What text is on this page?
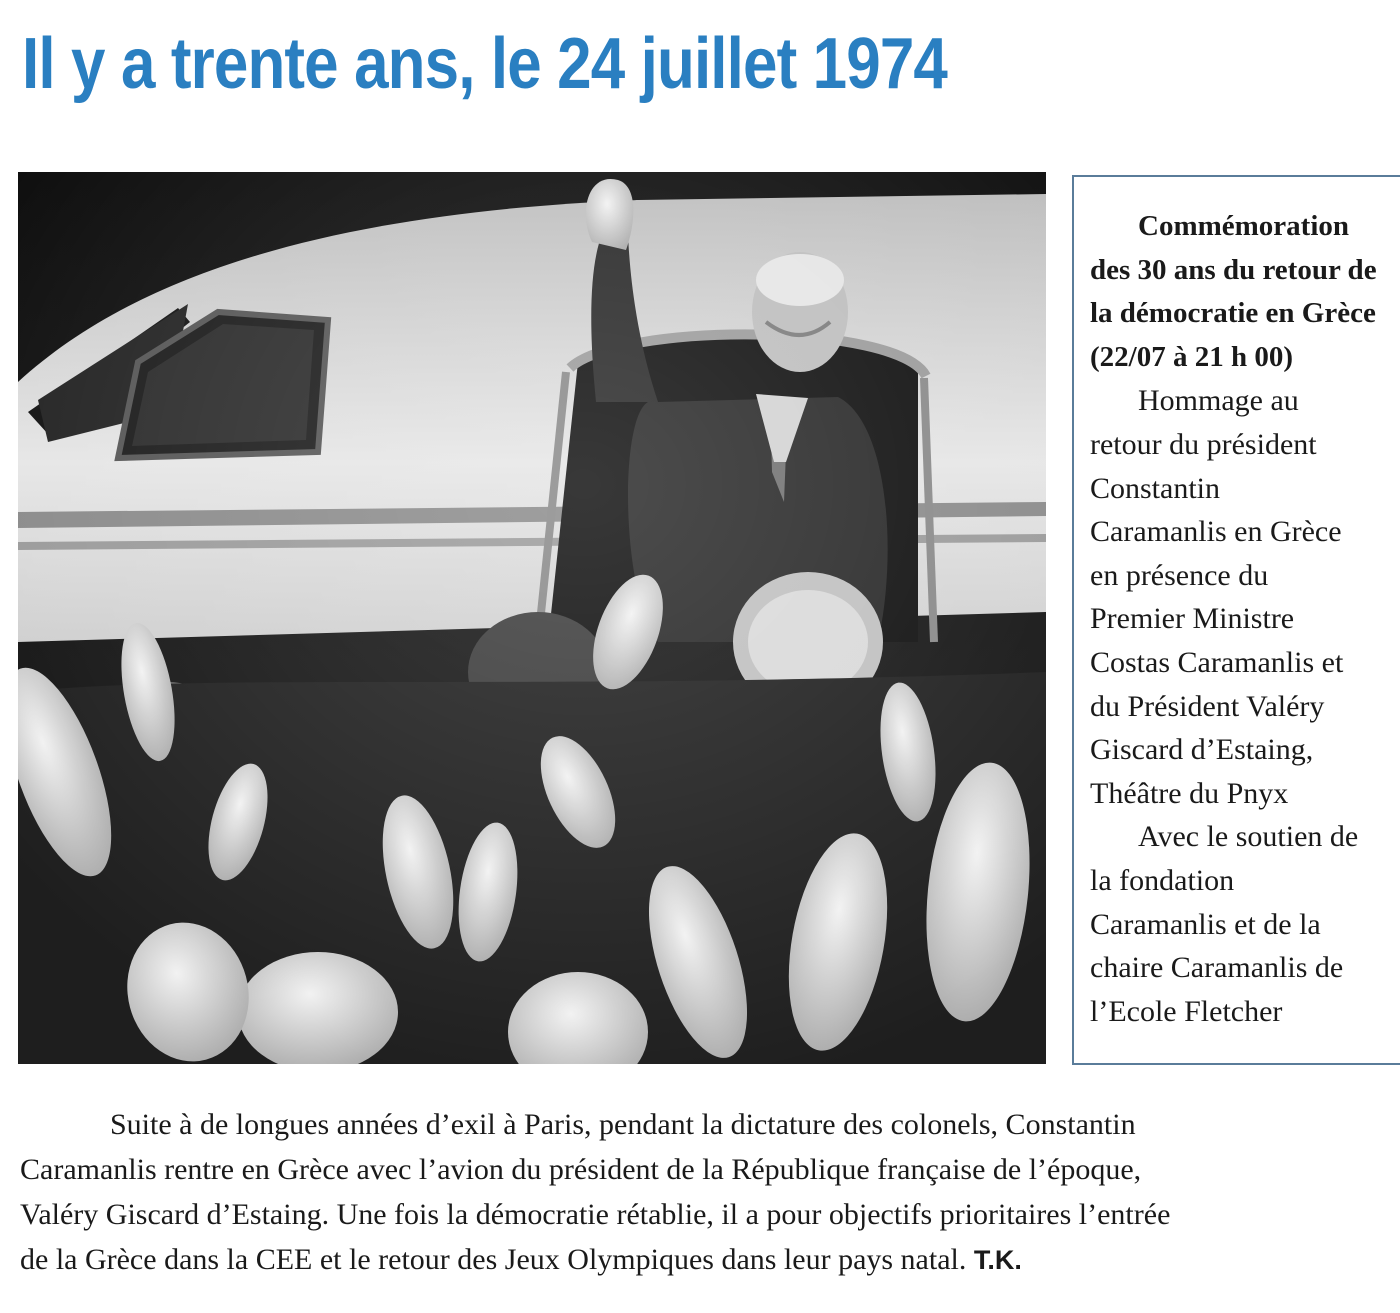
Il y a trente ans, le 24 juillet 1974

Commémoration
des 30 ans du retour de
la démocratie en Grèce
(22/07 à 21 h 00)

Hommage au
retour du président
Constantin
Caramanlis en Grèce
en présence du
Premier Ministre
Costas Caramanlis et
du Président Valéry
Giscard d’Estaing,
Théâtre du Pnyx

Avec le soutien de
la fondation
Caramanlis et de la
chaire Caramanlis de
l’Ecole Fletcher

Suite à de longues années d’exil à Paris, pendant la dictature des colonels, Constantin
Caramanlis rentre en Grèce avec l’avion du président de la République française de l’époque,
Valéry Giscard d’Estaing. Une fois la démocratie rétablie, il a pour objectifs prioritaires l’entrée
de la Grèce dans la CEE et le retour des Jeux Olympiques dans leur pays natal. T.K.
